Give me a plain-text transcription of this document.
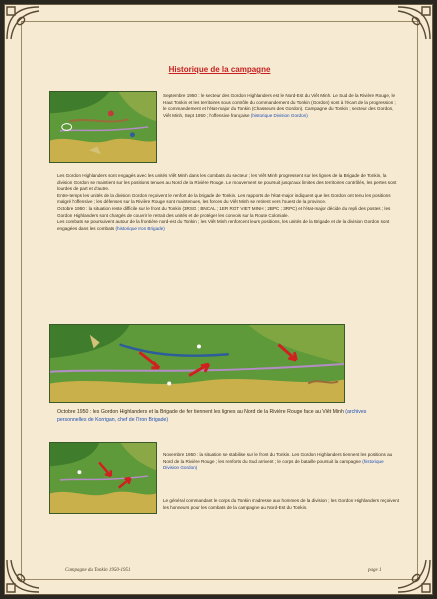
Historique de la campagne

Septembre 1950 : le secteur des Gordon Highlanders est le Nord-Est du Viêt Minh. Le Sud de la Rivière Rouge, le Haut Tonkin et les territoires sous contrôle du commandement du Tonkin (Gordon) sont à l'écart de la progression ; le commandement et l'état-major du Tonkin (Chasseurs des Gordon). Campagne du Tonkin ; secteur des Gordon, Viêt Minh, Sept 1950 ; l'offensive française (historique Division Gordon)

Les Gordon Highlanders sont engagés avec les unités Viêt Minh dans les combats du secteur ; les Viêt Minh progressent sur les lignes de la Brigade de Tonkin, la division Gordon se maintient sur les positions tenues au Nord de la Rivière Rouge. Le mouvement se poursuit jusqu'aux limites des territoires contrôlés, les pertes sont lourdes de part et d'autre.

Entre-temps les unités de la division Gordon reçoivent le renfort de la brigade de Tonkin. Les rapports de l'état-major indiquent que les Gordon ont tenu les positions malgré l'offensive ; les défenses sur la Rivière Rouge sont maintenues, les forces du Viêt Minh se retirent vers l'ouest de la province.

Octobre 1950 : la situation reste difficile sur le front du Tonkin (3RSG ; BNCAL ; 1ER RGT VIET MINH ; 2BPC ; 3RPC) et l'état-major décide du repli des postes ; les Gordon Highlanders sont chargés de couvrir le retrait des unités et de protéger les convois sur la Route Coloniale.

Les combats se poursuivent autour de la frontière nord-est du Tonkin ; les Viêt Minh renforcent leurs positions, les unités de la Brigade et de la division Gordon sont engagées dans les combats (historique Iron Brigade)

Octobre 1950 : les Gordon Highlanders et la Brigade de fer tiennent les lignes au Nord de la Rivière Rouge face au Viêt Minh (archives personnelles de Korrigan, chef de l'Iron Brigade)

Novembre 1950 : la situation se stabilise sur le front du Tonkin. Les Gordon Highlanders tiennent les positions au Nord de la Rivière Rouge ; les renforts du Sud arrivent ; le corps de bataille poursuit la campagne (historique Division Gordon)

Le général commandant le corps du Tonkin s'adresse aux hommes de la division ; les Gordon Highlanders reçoivent les honneurs pour les combats de la campagne au Nord-Est du Tonkin.

Campagne du Tonkin 1950-1951	page 1
